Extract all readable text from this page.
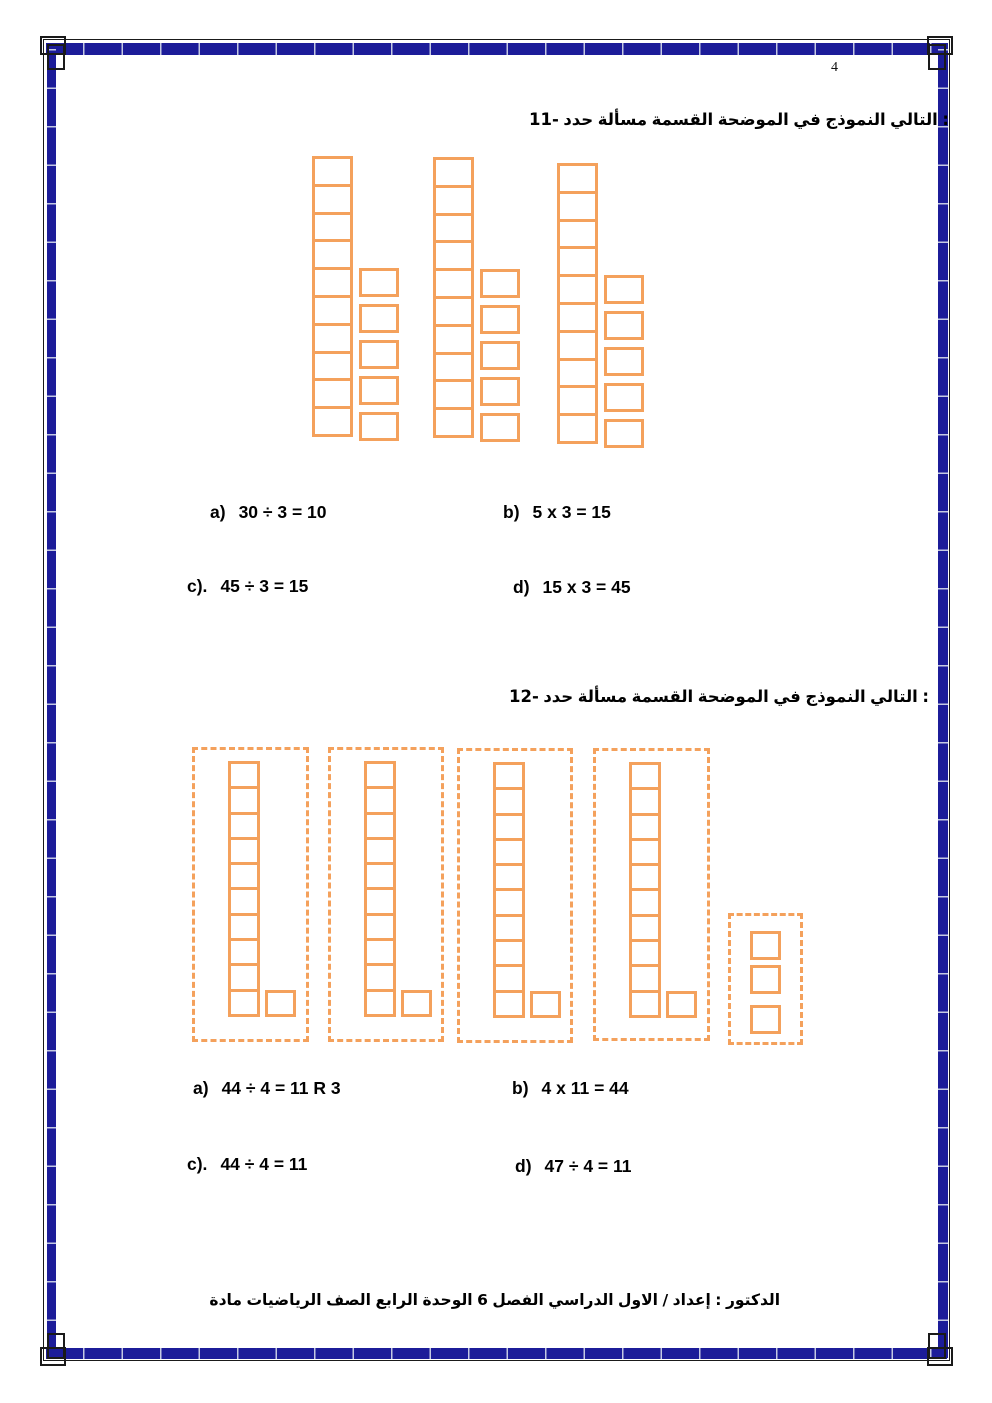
4
11- حدد مسألة القسمة الموضحة في النموذج التالي :
a) 30 ÷ 3 = 10	b) 5 x 3 = 15
c). 45 ÷ 3 = 15	d) 15 x 3 = 45
12- حدد مسألة القسمة الموضحة في النموذج التالي :
a) 44 ÷ 4 = 11 R 3	b) 4 x 11 = 44
c). 44 ÷ 4 = 11	d) 47 ÷ 4 = 11
مادة الرياضيات الصف الرابع الوحدة 6 الفصل الدراسي الاول / إعداد : الدكتور
